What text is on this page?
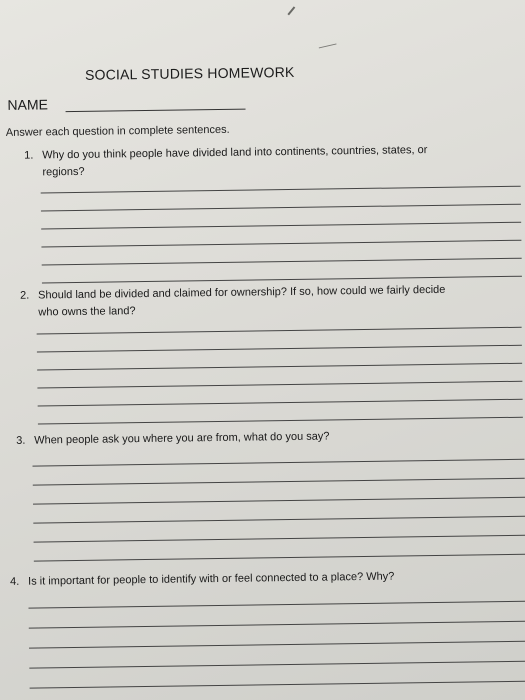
SOCIAL STUDIES HOMEWORK
NAME
Answer each question in complete sentences.
1. Why do you think people have divided land into continents, countries, states, or
regions?
2. Should land be divided and claimed for ownership? If so, how could we fairly decide
who owns the land?
3. When people ask you where you are from, what do you say?
4. Is it important for people to identify with or feel connected to a place? Why?
